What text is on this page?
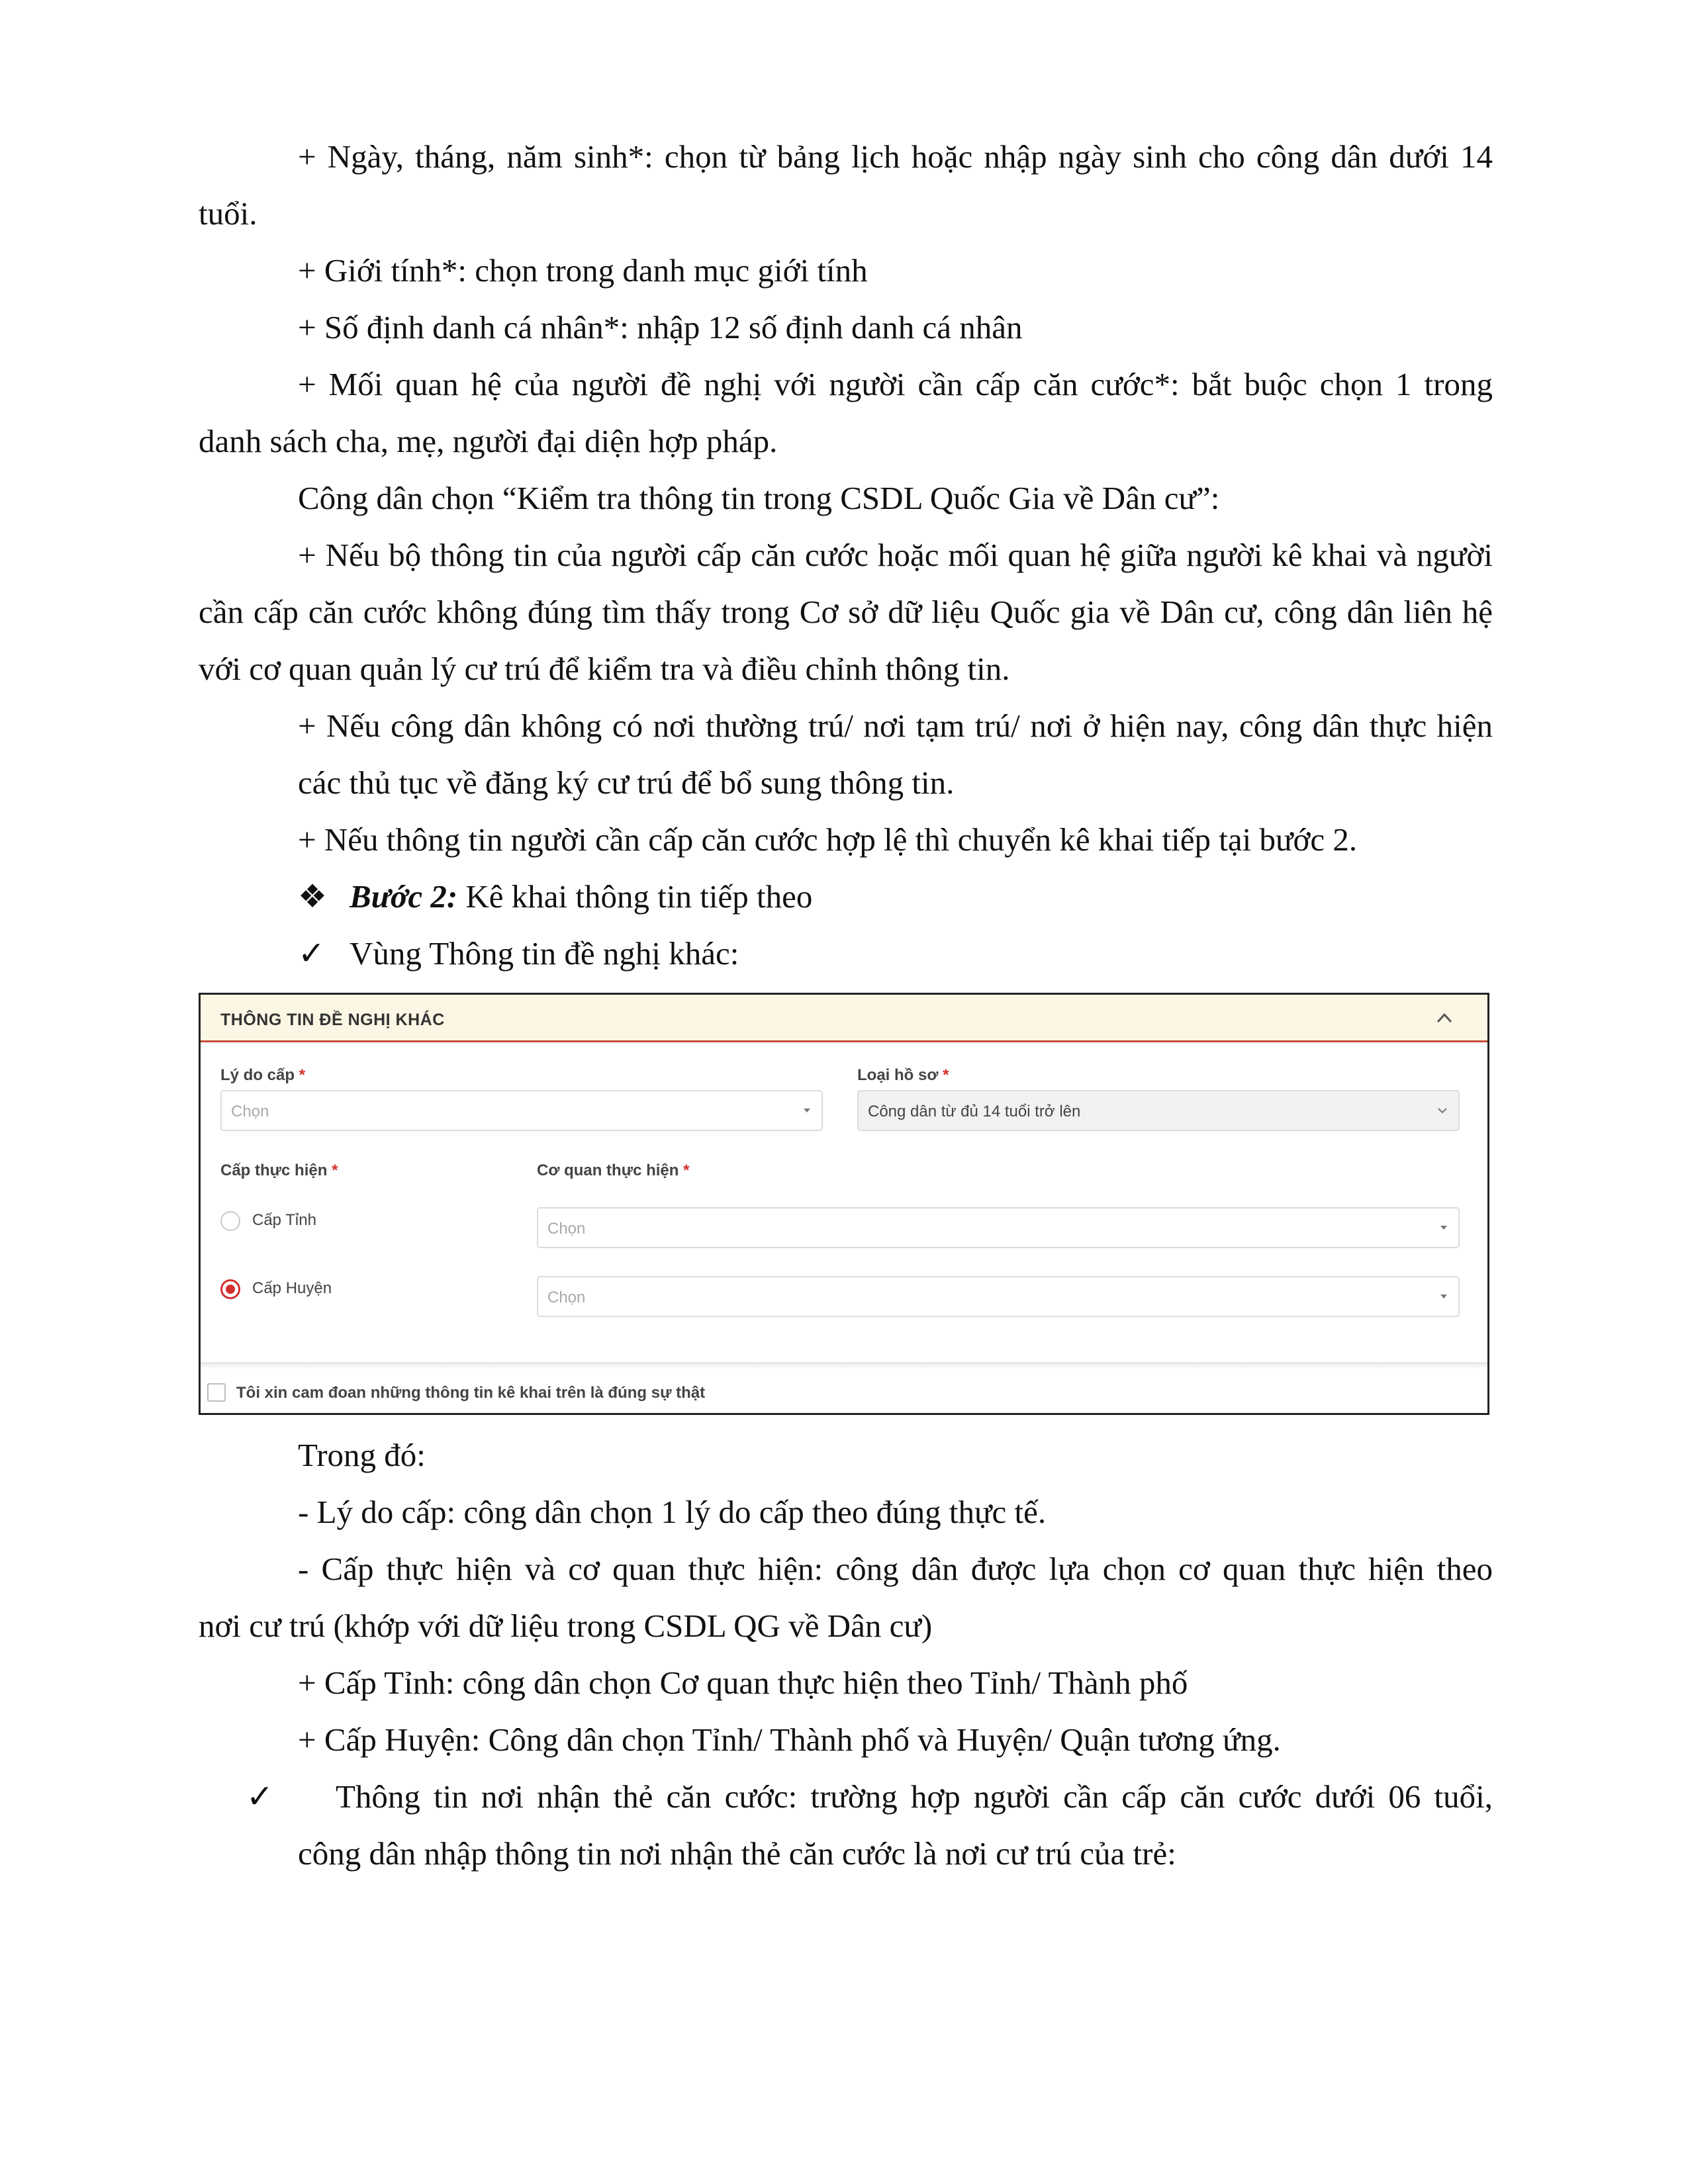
+ Ngày, tháng, năm sinh*: chọn từ bảng lịch hoặc nhập ngày sinh cho công dân dưới 14
tuổi.
+ Giới tính*: chọn trong danh mục giới tính
+ Số định danh cá nhân*: nhập 12 số định danh cá nhân
+ Mối quan hệ của người đề nghị với người cần cấp căn cước*: bắt buộc chọn 1 trong
danh sách cha, mẹ, người đại diện hợp pháp.
Công dân chọn “Kiểm tra thông tin trong CSDL Quốc Gia về Dân cư”:
+ Nếu bộ thông tin của người cấp căn cước hoặc mối quan hệ giữa người kê khai và người cần cấp căn cước không đúng tìm thấy trong Cơ sở dữ liệu Quốc gia về Dân cư, công dân liên hệ với cơ quan quản lý cư trú để kiểm tra và điều chỉnh thông tin.
+ Nếu công dân không có nơi thường trú/ nơi tạm trú/ nơi ở hiện nay, công dân thực hiện
các thủ tục về đăng ký cư trú để bổ sung thông tin.
+ Nếu thông tin người cần cấp căn cước hợp lệ thì chuyển kê khai tiếp tại bước 2.
❖ Bước 2: Kê khai thông tin tiếp theo
✓ Vùng Thông tin đề nghị khác:
THÔNG TIN ĐỀ NGHỊ KHÁC
Lý do cấp *
Chọn
Loại hồ sơ *
Công dân từ đủ 14 tuổi trở lên
Cấp thực hiện *	Cơ quan thực hiện *
Cấp Tỉnh	Chọn
Cấp Huyện
Chọn
Tôi xin cam đoan những thông tin kê khai trên là đúng sự thật
Trong đó:
- Lý do cấp: công dân chọn 1 lý do cấp theo đúng thực tế.
- Cấp thực hiện và cơ quan thực hiện: công dân được lựa chọn cơ quan thực hiện theo
nơi cư trú (khớp với dữ liệu trong CSDL QG về Dân cư)
+ Cấp Tỉnh: công dân chọn Cơ quan thực hiện theo Tỉnh/ Thành phố
+ Cấp Huyện: Công dân chọn Tỉnh/ Thành phố và Huyện/ Quận tương ứng.
✓ Thông tin nơi nhận thẻ căn cước: trường hợp người cần cấp căn cước dưới 06 tuổi,
công dân nhập thông tin nơi nhận thẻ căn cước là nơi cư trú của trẻ:
